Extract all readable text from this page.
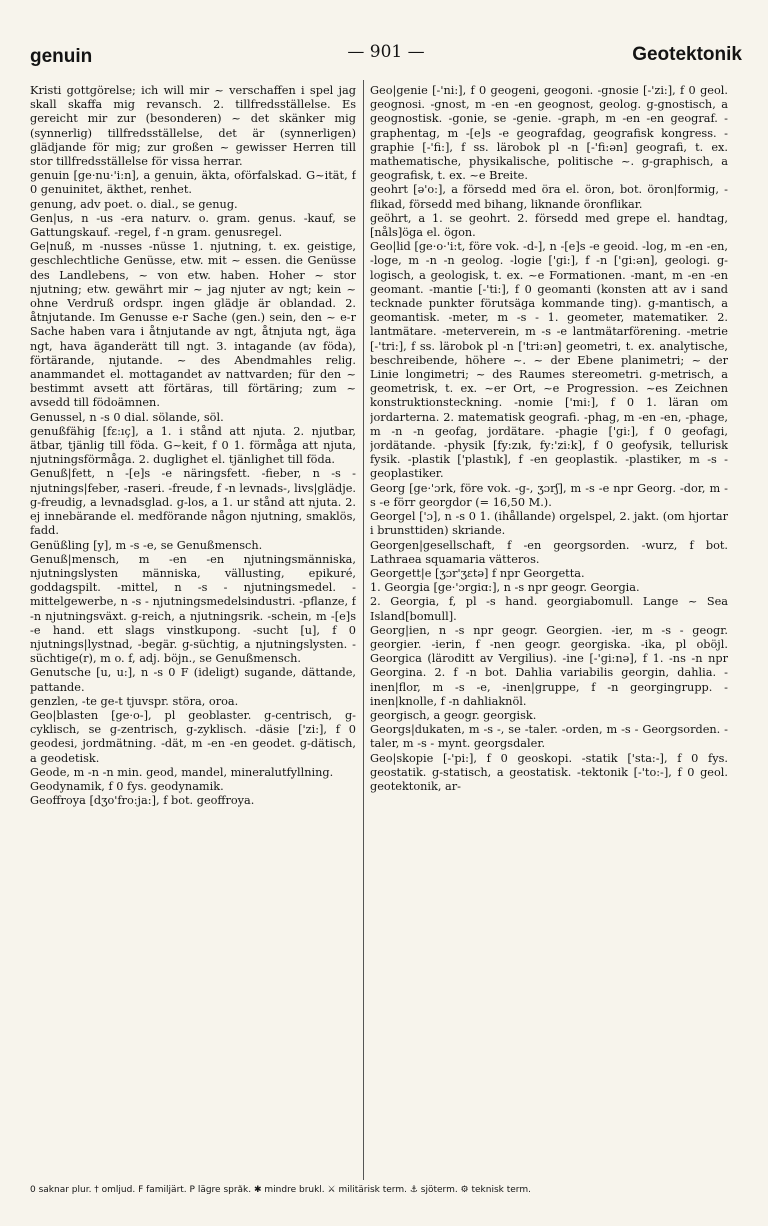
genuin	— 901 —	Geotektonik

Kristi gottgörelse; ich will mir ~ verschaffen i spel jag skall skaffa mig revansch. 2. tillfredsställelse. Es gereicht mir zur (besonderen) ~ det skänker mig (synnerlig) tillfredsställelse, det är (synnerligen) glädjande för mig; zur großen ~ gewisser Herren till stor tillfredsställelse för vissa herrar.

genuin [ge·nu·'i:n], a genuin, äkta, oförfalskad. G~ität, f 0 genuinitet, äkthet, renhet.

genung, adv poet. o. dial., se genug.

Gen|us, n -us -era naturv. o. gram. genus. -kauf, se Gattungskauf. -regel, f -n gram. genusregel.

Ge|nuß, m -nusses -nüsse 1. njutning, t. ex. geistige, geschlechtliche Genüsse, etw. mit ~ essen. die Genüsse des Landlebens, ~ von etw. haben. Hoher ~ stor njutning; etw. gewährt mir ~ jag njuter av ngt; kein ~ ohne Verdruß ordspr. ingen glädje är oblandad. 2. åtnjutande. Im Genusse e-r Sache (gen.) sein, den ~ e-r Sache haben vara i åtnjutande av ngt, åtnjuta ngt, äga ngt, hava äganderätt till ngt. 3. intagande (av föda), förtärande, njutande. ~ des Abendmahles relig. anammandet el. mottagandet av nattvarden; für den ~ bestimmt avsett att förtäras, till förtäring; zum ~ avsedd till födoämnen.

Genussel, n -s 0 dial. sölande, söl.

genußfähig [fɛ:ıç], a 1. i stånd att njuta. 2. njutbar, ätbar, tjänlig till föda. G~keit, f 0 1. förmåga att njuta, njutningsförmåga. 2. duglighet el. tjänlighet till föda.

Genuß|fett, n -[e]s -e näringsfett. -fieber, n -s - njutnings|feber, -raseri. -freude, f -n levnads-, livs|glädje. g-freudig, a levnadsglad. g-los, a 1. ur stånd att njuta. 2. ej innebärande el. medförande någon njutning, smaklös, fadd.

Genüßling [y], m -s -e, se Genußmensch.

Genuß|mensch, m -en -en njutningsmänniska, njutningslysten människa, vällusting, epikuré, goddagspilt. -mittel, n -s - njutningsmedel. -mittelgewerbe, n -s - njutningsmedelsindustri. -pflanze, f -n njutningsväxt. g-reich, a njutningsrik. -schein, m -[e]s -e hand. ett slags vinstkupong. -sucht [u], f 0 njutnings|lystnad, -begär. g-süchtig, a njutningslysten. -süchtige(r), m o. f, adj. böjn., se Genußmensch.

Genutsche [u, u:], n -s 0 F (ideligt) sugande, dättande, pattande.

genzlen, -te ge-t tjuvspr. störa, oroa.

Geo|blasten [ge·o-], pl geoblaster. g-centrisch, g-cyklisch, se g-zentrisch, g-zyklisch. -däsie ['zi:], f 0 geodesi, jordmätning. -dät, m -en -en geodet. g-dätisch, a geodetisk.

Geode, m -n -n min. geod, mandel, mineralutfyllning.

Geodynamik, f 0 fys. geodynamik.

Geoffroya [dʒo'fro:ja:], f bot. geoffroya.

Geo|genie [-'ni:], f 0 geogeni, geogoni. -gnosie [-'zi:], f 0 geol. geognosi. -gnost, m -en -en geognost, geolog. g-gnostisch, a geognostisk. -gonie, se -genie. -graph, m -en -en geograf. -graphentag, m -[e]s -e geografdag, geografisk kongress. -graphie [-'fi:], f ss. lärobok pl -n [-'fi:ən] geografi, t. ex. mathematische, physikalische, politische ~. g-graphisch, a geografisk, t. ex. ~e Breite.

geohrt [ə'o:], a försedd med öra el. öron, bot. öron|formig, -flikad, försedd med bihang, liknande öronflikar.

geöhrt, a 1. se geohrt. 2. försedd med grepe el. handtag, [nåls]öga el. ögon.

Geo|lid [ge·o·'i:t, före vok. -d-], n -[e]s -e geoid. -log, m -en -en, -loge, m -n -n geolog. -logie ['gi:], f -n ['gi:ən], geologi. g-logisch, a geologisk, t. ex. ~e Formationen. -mant, m -en -en geomant. -mantie [-'ti:], f 0 geomanti (konsten att av i sand tecknade punkter förutsäga kommande ting). g-mantisch, a geomantisk. -meter, m -s - 1. geometer, matematiker. 2. lantmätare. -meterverein, m -s -e lantmätarförening. -metrie [-'tri:], f ss. lärobok pl -n ['tri:ən] geometri, t. ex. analytische, beschreibende, höhere ~. ~ der Ebene planimetri; ~ der Linie longimetri; ~ des Raumes stereometri. g-metrisch, a geometrisk, t. ex. ~er Ort, ~e Progression. ~es Zeichnen konstruktionsteckning. -nomie ['mi:], f 0 1. läran om jordarterna. 2. matematisk geografi. -phag, m -en -en, -phage, m -n -n geofag, jordätare. -phagie ['gi:], f 0 geofagi, jordätande. -physik [fy:zık, fy:'zi:k], f 0 geofysik, tellurisk fysik. -plastik ['plastık], f -en geoplastik. -plastiker, m -s - geoplastiker.

Georg [ge·'ɔrk, före vok. -g-, ʒɔrʃ], m -s -e npr Georg. -dor, m -s -e förr georgdor (= 16,50 M.).

Georgel ['ɔ], n -s 0 1. (ihållande) orgelspel, 2. jakt. (om hjortar i brunsttiden) skriande.

Georgen|gesellschaft, f -en georgsorden. -wurz, f bot. Lathraea squamaria vätteros.

Georgett|e [ʒɔr'ʒɛtə] f npr Georgetta.

1. Georgia [ge·'ɔrgiɑ:], n -s npr geogr. Georgia.

2. Georgia, f, pl -s hand. georgiabomull. Lange ~ Sea Island[bomull].

Georg|ien, n -s npr geogr. Georgien. -ier, m -s - geogr. georgier. -ierin, f -nen geogr. georgiska. -ika, pl oböjl. Georgica (läroditt av Vergilius). -ine [-'gi:nə], f 1. -ns -n npr Georgina. 2. f -n bot. Dahlia variabilis georgin, dahlia. -inen|flor, m -s -e, -inen|gruppe, f -n georgingrupp. -inen|knolle, f -n dahliaknöl.

georgisch, a geogr. georgisk.

Georgs|dukaten, m -s -, se -taler. -orden, m -s - Georgsorden. -taler, m -s - mynt. georgsdaler.

Geo|skopie [-'pi:], f 0 geoskopi. -statik ['sta:-], f 0 fys. geostatik. g-statisch, a geostatisk. -tektonik [-'to:-], f 0 geol. geotektonik, ar-

0 saknar plur. † omljud. F familjärt. P lägre språk. ✱ mindre brukl. ⚔ militärisk term. ⚓ sjöterm. ⚙ teknisk term.
